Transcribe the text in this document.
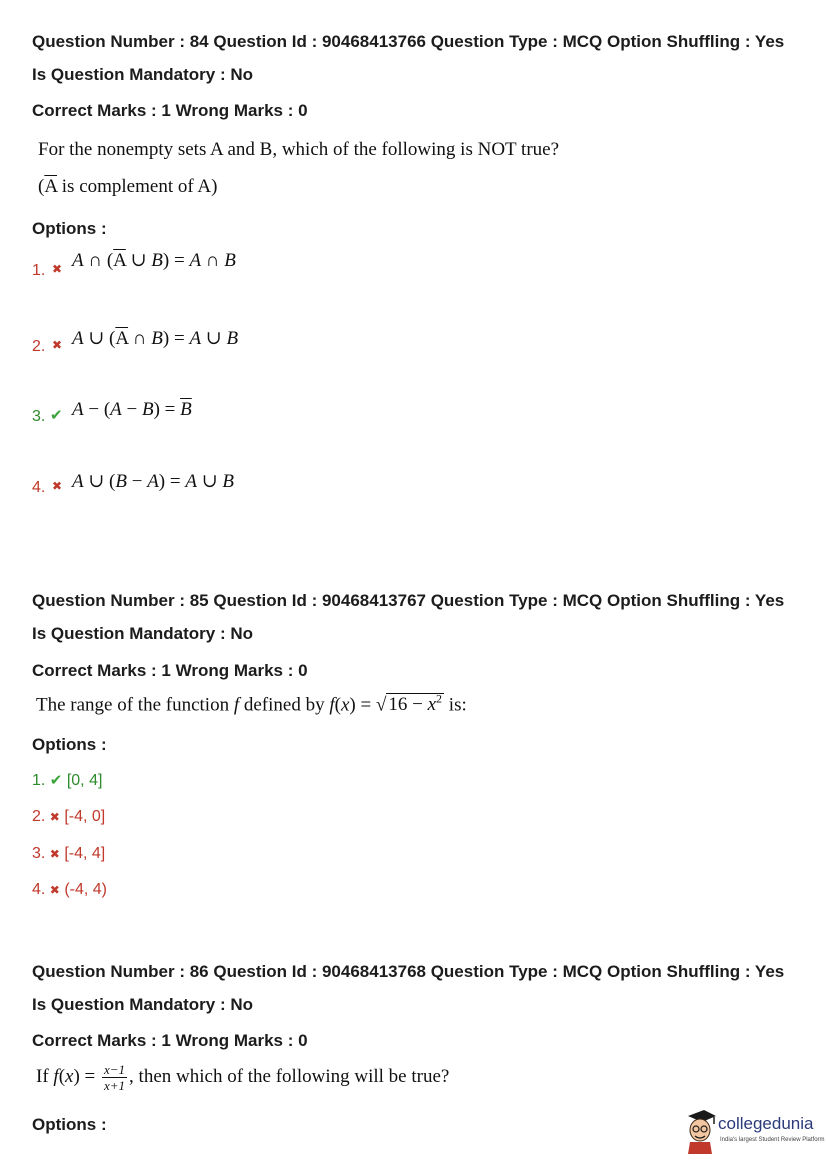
Question Number : 84 Question Id : 90468413766 Question Type : MCQ Option Shuffling : Yes
Is Question Mandatory : No
Correct Marks : 1 Wrong Marks : 0
For the nonempty sets A and B, which of the following is NOT true?
($\overline{A}$ is complement of A)
Options :
1. ✖ A ∩ ($\overline{A}$ ∪ B) = A ∩ B
2. ✖ A ∪ ($\overline{A}$ ∩ B) = A ∪ B
3. ✔ $A - (A - B) = \overline{B}$
4. ✖ A ∪ (B − A) = A ∪ B
Question Number : 85 Question Id : 90468413767 Question Type : MCQ Option Shuffling : Yes
Is Question Mandatory : No
Correct Marks : 1 Wrong Marks : 0
The range of the function f defined by f(x) = √ $16 - x^2$ is:
Options :
1. ✔ [0, 4]
2. ✖ [-4, 0]
3. ✖ [-4, 4]
4. ✖ (-4, 4)
Question Number : 86 Question Id : 90468413768 Question Type : MCQ Option Shuffling : Yes
Is Question Mandatory : No
Correct Marks : 1 Wrong Marks : 0
If $f(x) = \frac{x-1}{x+1}$ , then which of the following will be true?
Options :	collegedunia
India's largest Student Review Platform
